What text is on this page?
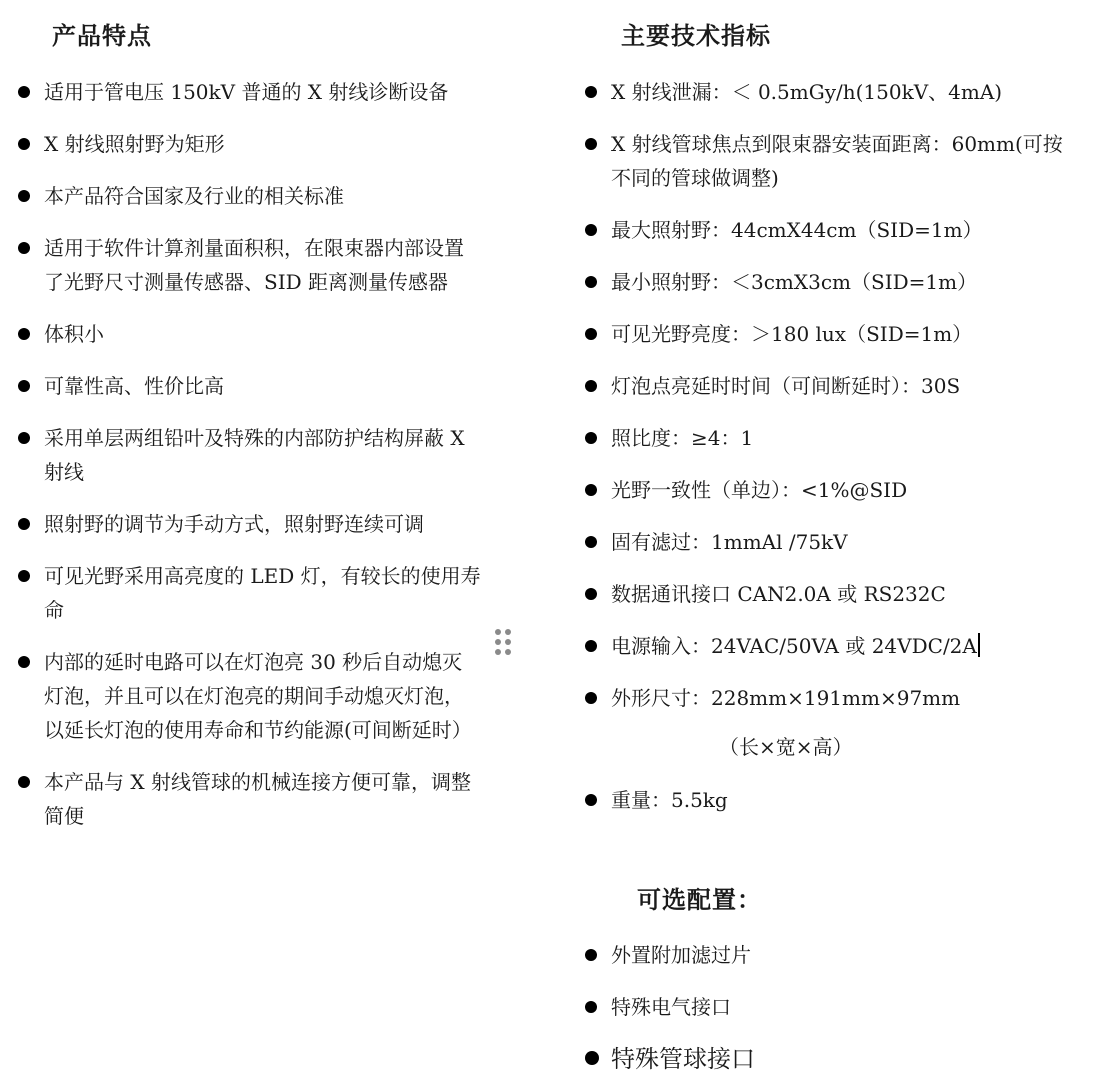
产品特点
适用于管电压 150kV 普通的 X 射线诊断设备
X 射线照射野为矩形
本产品符合国家及行业的相关标准
适用于软件计算剂量面积积，在限束器内部设置
了光野尺寸测量传感器、SID 距离测量传感器
体积小
可靠性高、性价比高
采用单层两组铅叶及特殊的内部防护结构屏蔽 X
射线
照射野的调节为手动方式，照射野连续可调
可见光野采用高亮度的 LED 灯，有较长的使用寿
命
内部的延时电路可以在灯泡亮 30 秒后自动熄灭
灯泡，并且可以在灯泡亮的期间手动熄灭灯泡，
以延长灯泡的使用寿命和节约能源(可间断延时）
本产品与 X 射线管球的机械连接方便可靠，调整
简便
主要技术指标
X 射线泄漏：＜ 0.5mGy/h(150kV、4mA)
X 射线管球焦点到限束器安装面距离：60mm(可按
不同的管球做调整)
最大照射野：44cmX44cm（SID=1m）
最小照射野：＜3cmX3cm（SID=1m）
可见光野亮度：＞180 lux（SID=1m）
灯泡点亮延时时间（可间断延时）：30S
照比度：≥4：1
光野一致性（单边）：<1%@SID
固有滤过：1mmAl /75kV
数据通讯接口 CAN2.0A 或 RS232C
电源输入：24VAC/50VA 或 24VDC/2A
外形尺寸：228mm×191mm×97mm
（长×宽×高）
重量：5.5kg
可选配置：
外置附加滤过片
特殊电气接口
特殊管球接口
